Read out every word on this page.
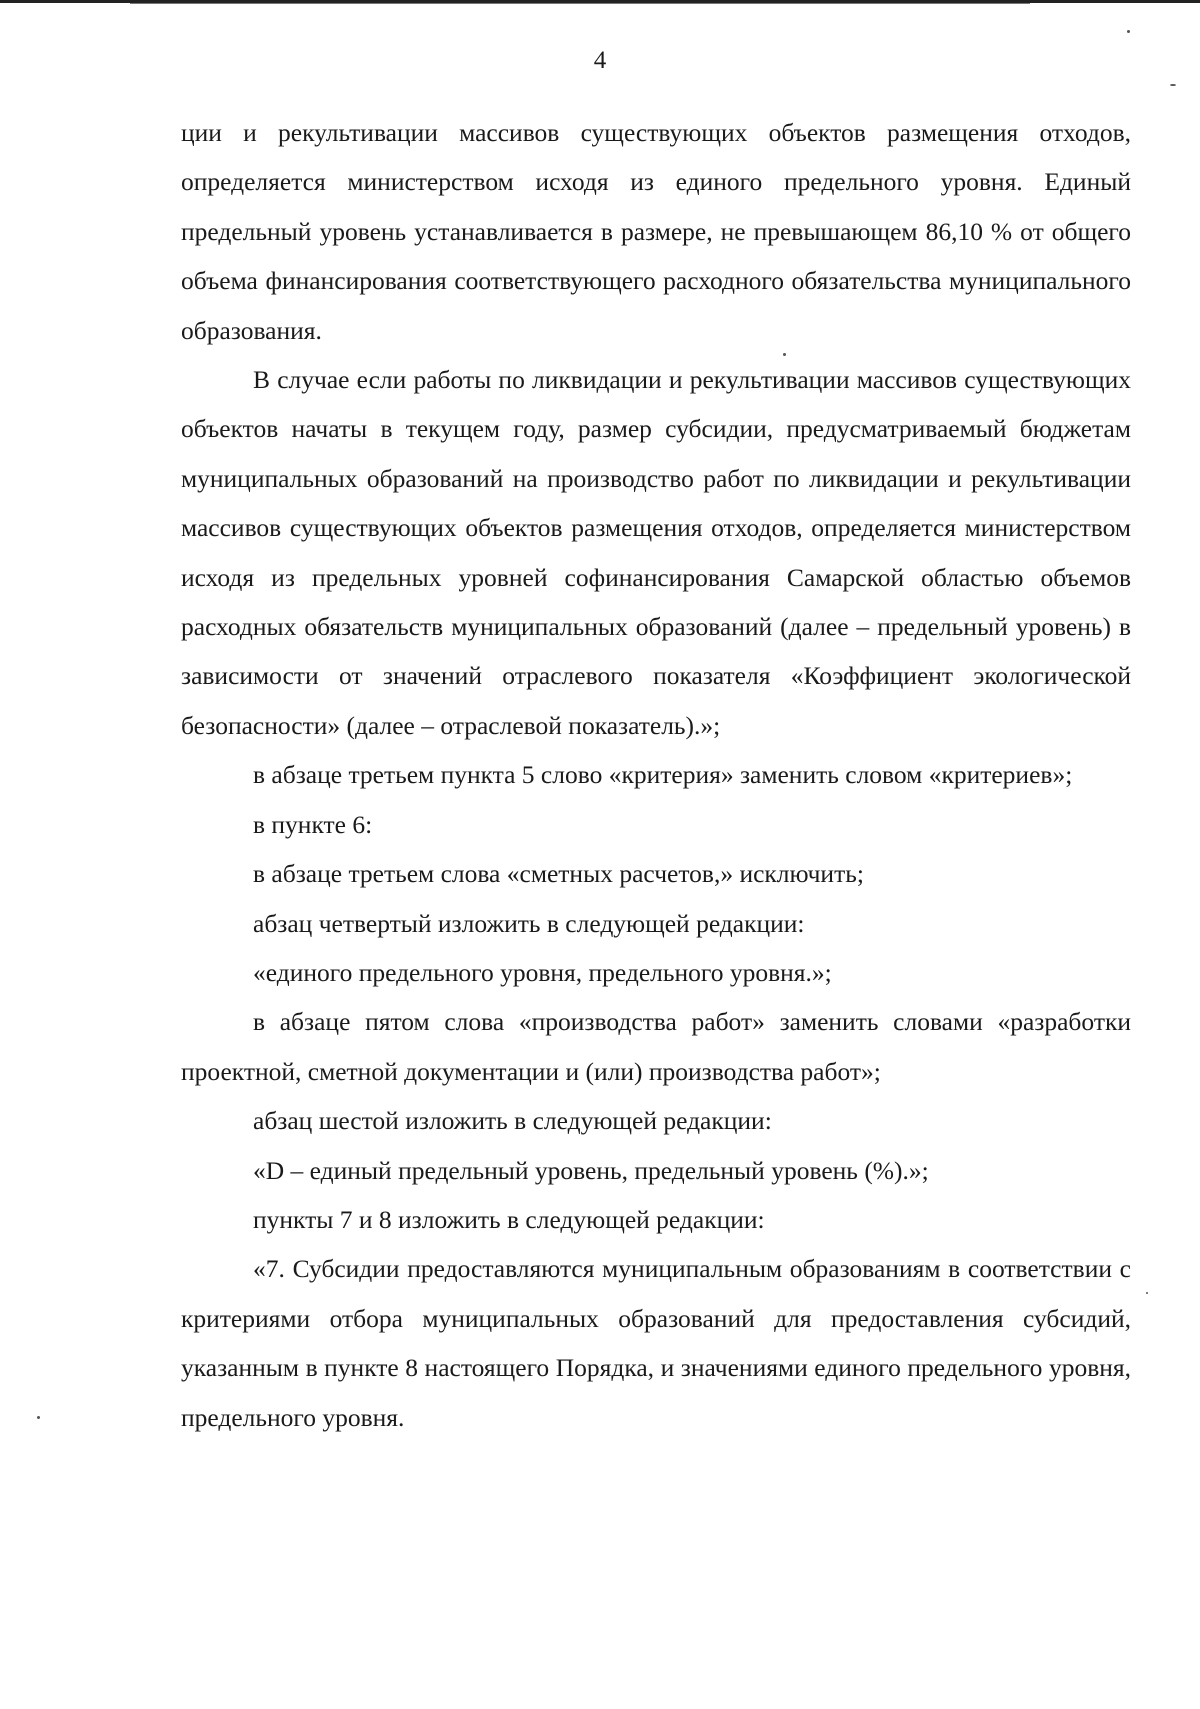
4

ции и рекультивации массивов существующих объектов размещения отходов, определяется министерством исходя из единого предельного уровня. Единый предельный уровень устанавливается в размере, не превышающем 86,10 % от общего объема финансирования соответствующего расходного обязательства муниципального образования.

В случае если работы по ликвидации и рекультивации массивов существующих объектов начаты в текущем году, размер субсидии, предусматриваемый бюджетам муниципальных образований на производство работ по ликвидации и рекультивации массивов существующих объектов размещения отходов, определяется министерством исходя из предельных уровней софинансирования Самарской областью объемов расходных обязательств муниципальных образований (далее – предельный уровень) в зависимости от значений отраслевого показателя «Коэффициент экологической безопасности» (далее – отраслевой показатель).»;

в абзаце третьем пункта 5 слово «критерия» заменить словом «критериев»;

в пункте 6:

в абзаце третьем слова «сметных расчетов,» исключить;

абзац четвертый изложить в следующей редакции:

«единого предельного уровня, предельного уровня.»;

в абзаце пятом слова «производства работ» заменить словами «разработки проектной, сметной документации и (или) производства работ»;

абзац шестой изложить в следующей редакции:

«D – единый предельный уровень, предельный уровень (%).»;

пункты 7 и 8 изложить в следующей редакции:

«7. Субсидии предоставляются муниципальным образованиям в соответствии с критериями отбора муниципальных образований для предоставления субсидий, указанным в пункте 8 настоящего Порядка, и значениями единого предельного уровня, предельного уровня.
